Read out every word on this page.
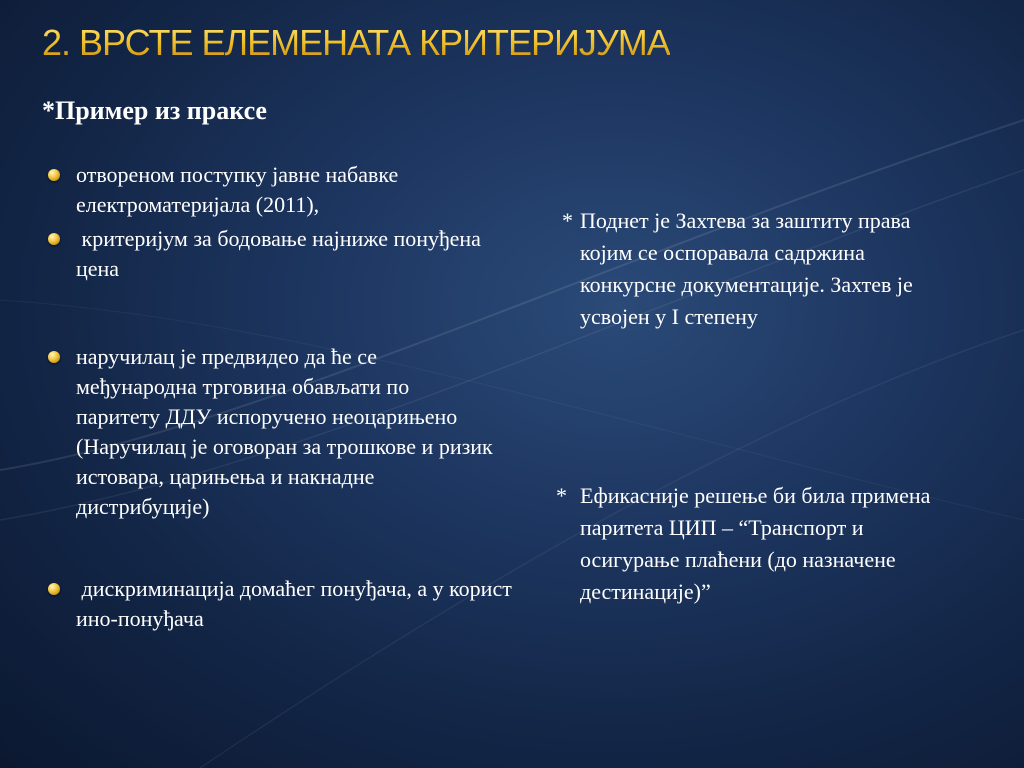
2. ВРСТЕ ЕЛЕМЕНАТА КРИТЕРИЈУМА
*Пример из праксе
отвореном поступку јавне набавке електроматеријала (2011),
критеријум за бодовање најниже понуђена цена
наручилац је предвидео да ће се међународна трговина обављати по паритету ДДУ испоручено неоцарињено (Наручилац је оговоран за трошкове и ризик истовара, царињења и накнадне дистрибуције)
дискриминација домаћег понуђача, а у корист ино-понуђача
* Поднет је Захтева за заштиту права којим се оспоравала садржина конкурсне документације. Захтев је усвојен у I степену
* Ефикасније решење би била примена паритета ЦИП – “Транспорт и осигурање плаћени (до назначене дестинације)”
